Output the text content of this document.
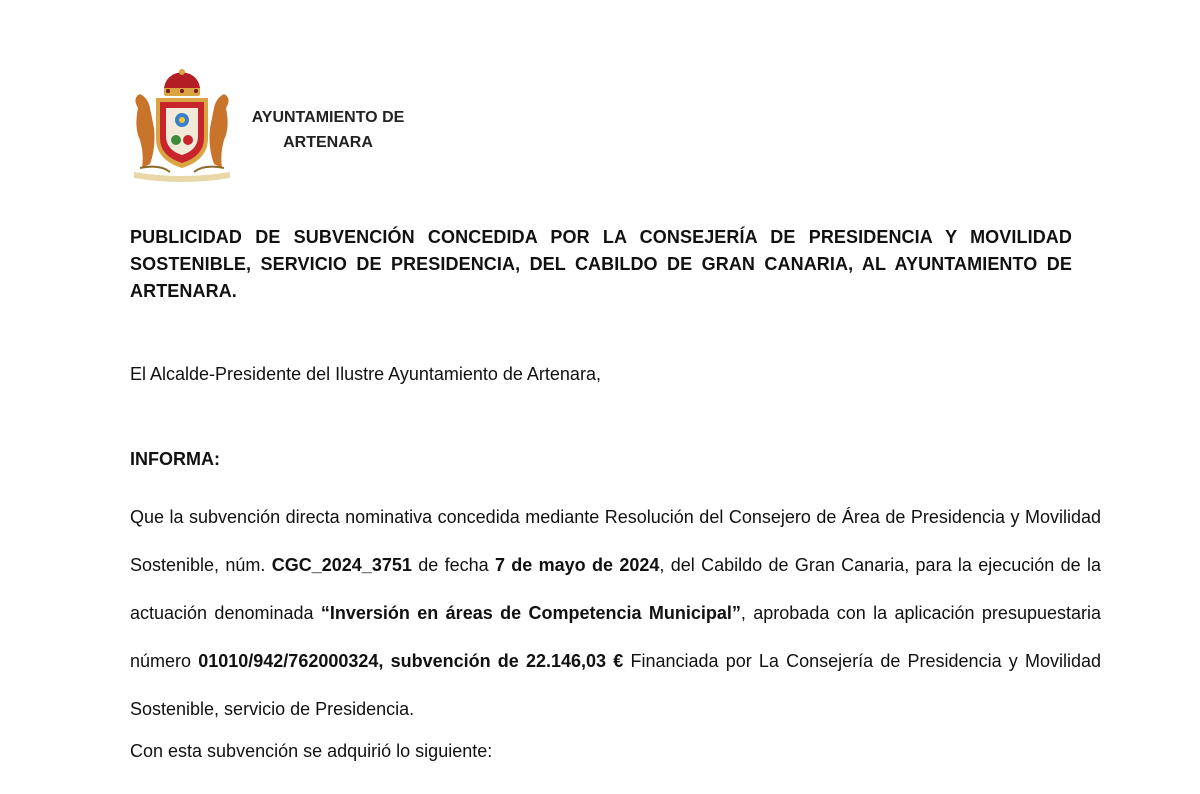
AYUNTAMIENTO DE
ARTENARA

PUBLICIDAD DE SUBVENCIÓN CONCEDIDA POR LA CONSEJERÍA DE PRESIDENCIA Y MOVILIDAD SOSTENIBLE, SERVICIO DE PRESIDENCIA, DEL CABILDO DE GRAN CANARIA, AL AYUNTAMIENTO DE ARTENARA.

El Alcalde-Presidente del Ilustre Ayuntamiento de Artenara,

INFORMA:

Que la subvención directa nominativa concedida mediante Resolución del Consejero de Área de Presidencia y Movilidad Sostenible, núm. CGC_2024_3751 de fecha 7 de mayo de 2024, del Cabildo de Gran Canaria, para la ejecución de la actuación denominada “Inversión en áreas de Competencia Municipal”, aprobada con la aplicación presupuestaria número 01010/942/762000324, subvención de 22.146,03 € Financiada por La Consejería de Presidencia y Movilidad Sostenible, servicio de Presidencia.

Con esta subvención se adquirió lo siguiente:
